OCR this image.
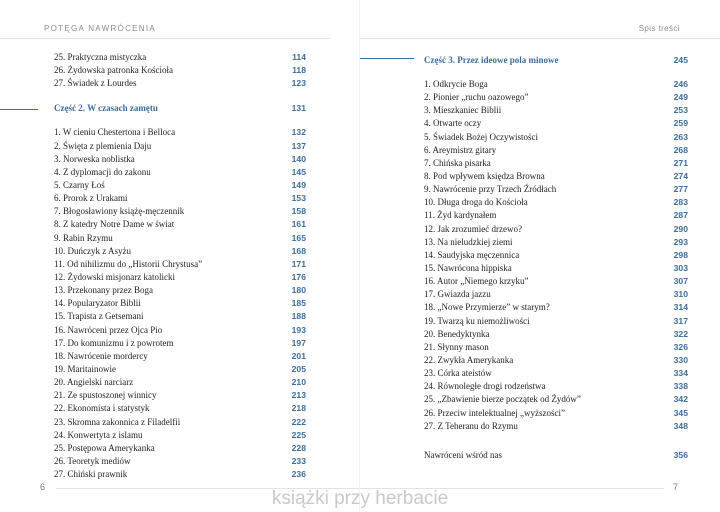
POTĘGA NAWRÓCENIA
25. Praktyczna mistyczka	114
26. Żydowska patronka Kościoła	118
27. Świadek z Lourdes	123
Część 2. W czasach zamętu	131
1. W cieniu Chestertona i Belloca	132
2. Święta z plemienia Daju	137
3. Norweska noblistka	140
4. Z dyplomacji do zakonu	145
5. Czarny Łoś	149
6. Prorok z Urakami	153
7. Błogosławiony książę-męczennik	158
8. Z katedry Notre Dame w świat	161
9. Rabin Rzymu	165
10. Duńczyk z Asyżu	168
11. Od nihilizmu do „Historii Chrystusa”	171
12. Żydowski misjonarz katolicki	176
13. Przekonany przez Boga	180
14. Popularyzator Biblii	185
15. Trapista z Getsemani	188
16. Nawróceni przez Ojca Pio	193
17. Do komunizmu i z powrotem	197
18. Nawrócenie mordercy	201
19. Maritainowie	205
20. Angielski narciarz	210
21. Ze spustoszonej winnicy	213
22. Ekonomista i statystyk	218
23. Skromna zakonnica z Filadelfii	222
24. Konwertyta z islamu	225
25. Postępowa Amerykanka	228
26. Teoretyk mediów	233
27. Chiński prawnik	236
6
Spis treści
Część 3. Przez ideowe pola minowe	245
1. Odkrycie Boga	246
2. Pionier „ruchu oazowego”	249
3. Mieszkaniec Biblii	253
4. Otwarte oczy	259
5. Świadek Bożej Oczywistości	263
6. Areymistrz gitary	268
7. Chińska pisarka	271
8. Pod wpływem księdza Browna	274
9. Nawrócenie przy Trzech Źródłach	277
10. Długa droga do Kościoła	283
11. Żyd kardynałem	287
12. Jak zrozumieć drzewo?	290
13. Na nieludzkiej ziemi	293
14. Saudyjska męczennica	298
15. Nawrócona hippiska	303
16. Autor „Niemego krzyku”	307
17. Gwiazda jazzu	310
18. „Nowe Przymierze” w starym?	314
19. Twarzą ku niemożliwości	317
20. Benedyktynka	322
21. Słynny mason	326
22. Zwykła Amerykanka	330
23. Córka ateistów	334
24. Równoległe drogi rodzeństwa	338
25. „Zbawienie bierze początek od Żydów”	342
26. Przeciw intelektualnej „wyższości”	345
27. Z Teheranu do Rzymu	348
Nawróceni wśród nas	356
7
książki przy herbacie
